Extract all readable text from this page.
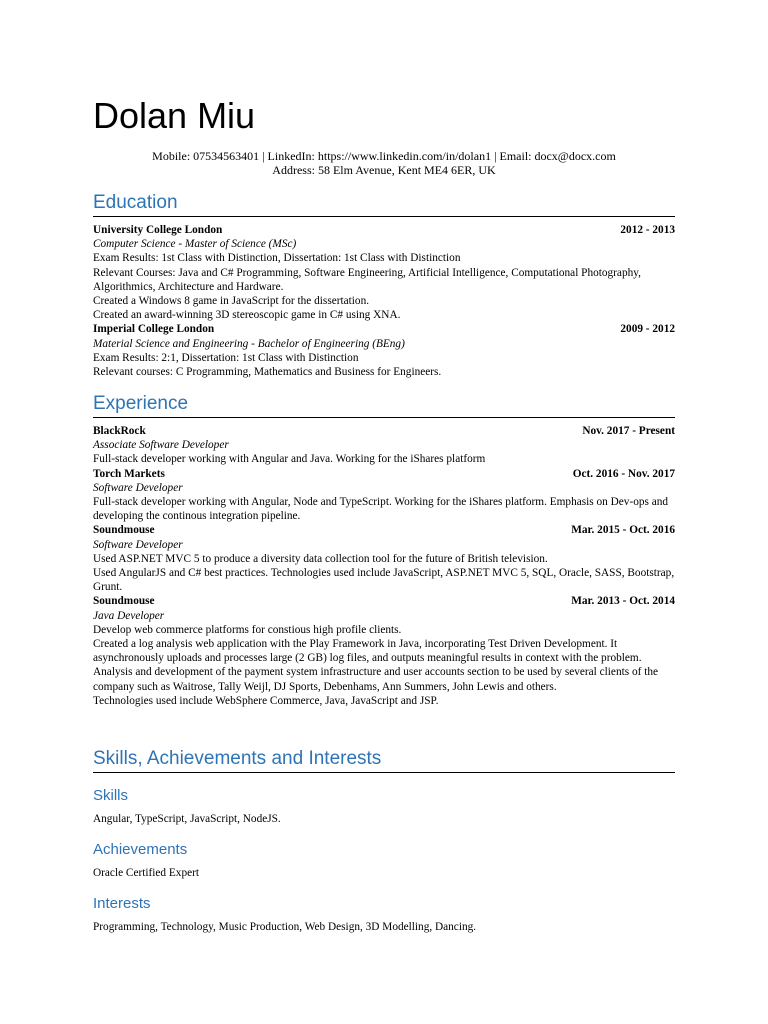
Dolan Miu
Mobile: 07534563401 | LinkedIn: https://www.linkedin.com/in/dolan1 | Email: docx@docx.com
Address: 58 Elm Avenue, Kent ME4 6ER, UK
Education
University College London	2012 - 2013
Computer Science - Master of Science (MSc)
Exam Results: 1st Class with Distinction, Dissertation: 1st Class with Distinction
Relevant Courses: Java and C# Programming, Software Engineering, Artificial Intelligence, Computational Photography, Algorithmics, Architecture and Hardware.
Created a Windows 8 game in JavaScript for the dissertation.
Created an award-winning 3D stereoscopic game in C# using XNA.
Imperial College London	2009 - 2012
Material Science and Engineering - Bachelor of Engineering (BEng)
Exam Results: 2:1, Dissertation: 1st Class with Distinction
Relevant courses: C Programming, Mathematics and Business for Engineers.
Experience
BlackRock	Nov. 2017 - Present
Associate Software Developer
Full-stack developer working with Angular and Java. Working for the iShares platform
Torch Markets	Oct. 2016 - Nov. 2017
Software Developer
Full-stack developer working with Angular, Node and TypeScript. Working for the iShares platform. Emphasis on Dev-ops and developing the continous integration pipeline.
Soundmouse	Mar. 2015 - Oct. 2016
Software Developer
Used ASP.NET MVC 5 to produce a diversity data collection tool for the future of British television.
Used AngularJS and C# best practices. Technologies used include JavaScript, ASP.NET MVC 5, SQL, Oracle, SASS, Bootstrap, Grunt.
Soundmouse	Mar. 2013 - Oct. 2014
Java Developer
Develop web commerce platforms for constious high profile clients.
Created a log analysis web application with the Play Framework in Java, incorporating Test Driven Development. It asynchronously uploads and processes large (2 GB) log files, and outputs meaningful results in context with the problem.
Analysis and development of the payment system infrastructure and user accounts section to be used by several clients of the company such as Waitrose, Tally Weijl, DJ Sports, Debenhams, Ann Summers, John Lewis and others.
Technologies used include WebSphere Commerce, Java, JavaScript and JSP.
Skills, Achievements and Interests
Skills
Angular, TypeScript, JavaScript, NodeJS.
Achievements
Oracle Certified Expert
Interests
Programming, Technology, Music Production, Web Design, 3D Modelling, Dancing.
